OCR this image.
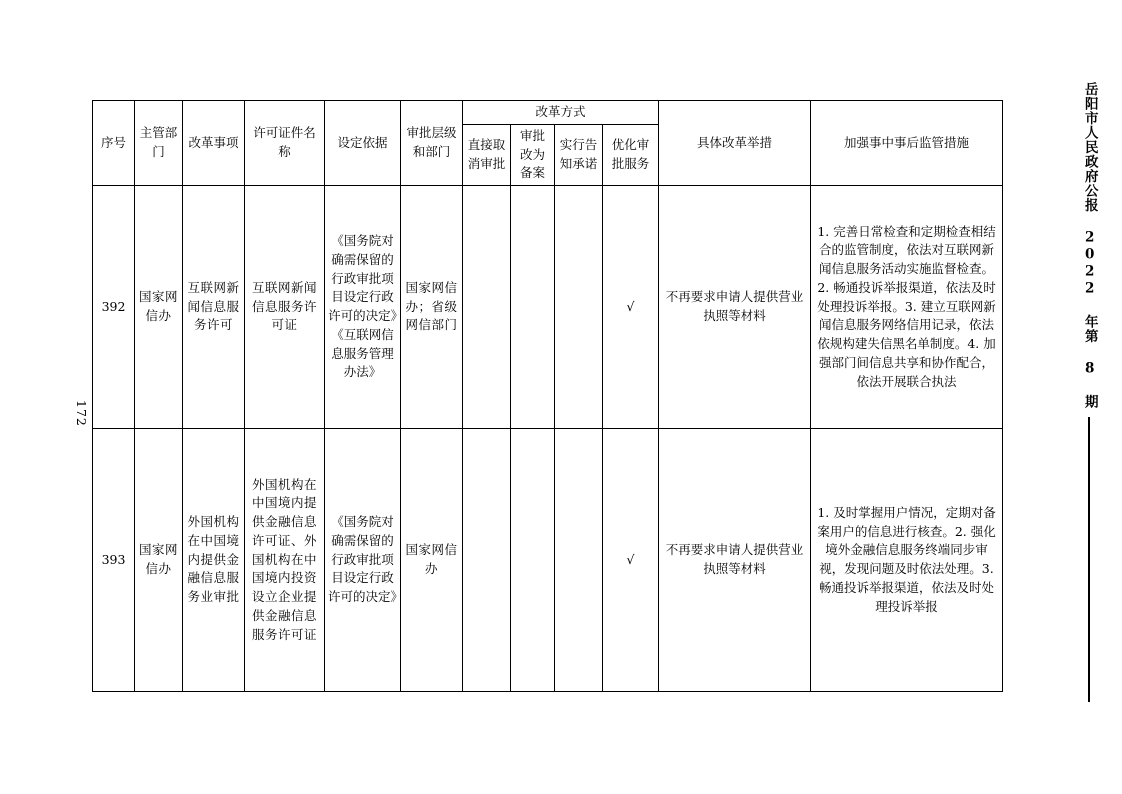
岳阳市人民政府公报 2022 年第 8 期
172
序号	主管部门	改革事项	许可证件名称	设定依据	审批层级和部门	改革方式				具体改革举措	加强事中事后监管措施
						直接取消审批	审批改为备案	实行告知承诺	优化审批服务		
392	国家网信办	互联网新闻信息服务许可	互联网新闻信息服务许可证	《国务院对确需保留的行政审批项目设定行政许可的决定》《互联网信息服务管理办法》	国家网信办；省级网信部门				√	不再要求申请人提供营业执照等材料	1. 完善日常检查和定期检查相结合的监管制度，依法对互联网新闻信息服务活动实施监督检查。2. 畅通投诉举报渠道，依法及时处理投诉举报。3. 建立互联网新闻信息服务网络信用记录，依法依规构建失信黑名单制度。4. 加强部门间信息共享和协作配合，依法开展联合执法
393	国家网信办	外国机构在中国境内提供金融信息服务业审批	外国机构在中国境内提供金融信息许可证、外国机构在中国境内投资设立企业提供金融信息服务许可证	《国务院对确需保留的行政审批项目设定行政许可的决定》	国家网信办				√	不再要求申请人提供营业执照等材料	1. 及时掌握用户情况，定期对备案用户的信息进行核查。2. 强化境外金融信息服务终端同步审视，发现问题及时依法处理。3. 畅通投诉举报渠道，依法及时处理投诉举报
